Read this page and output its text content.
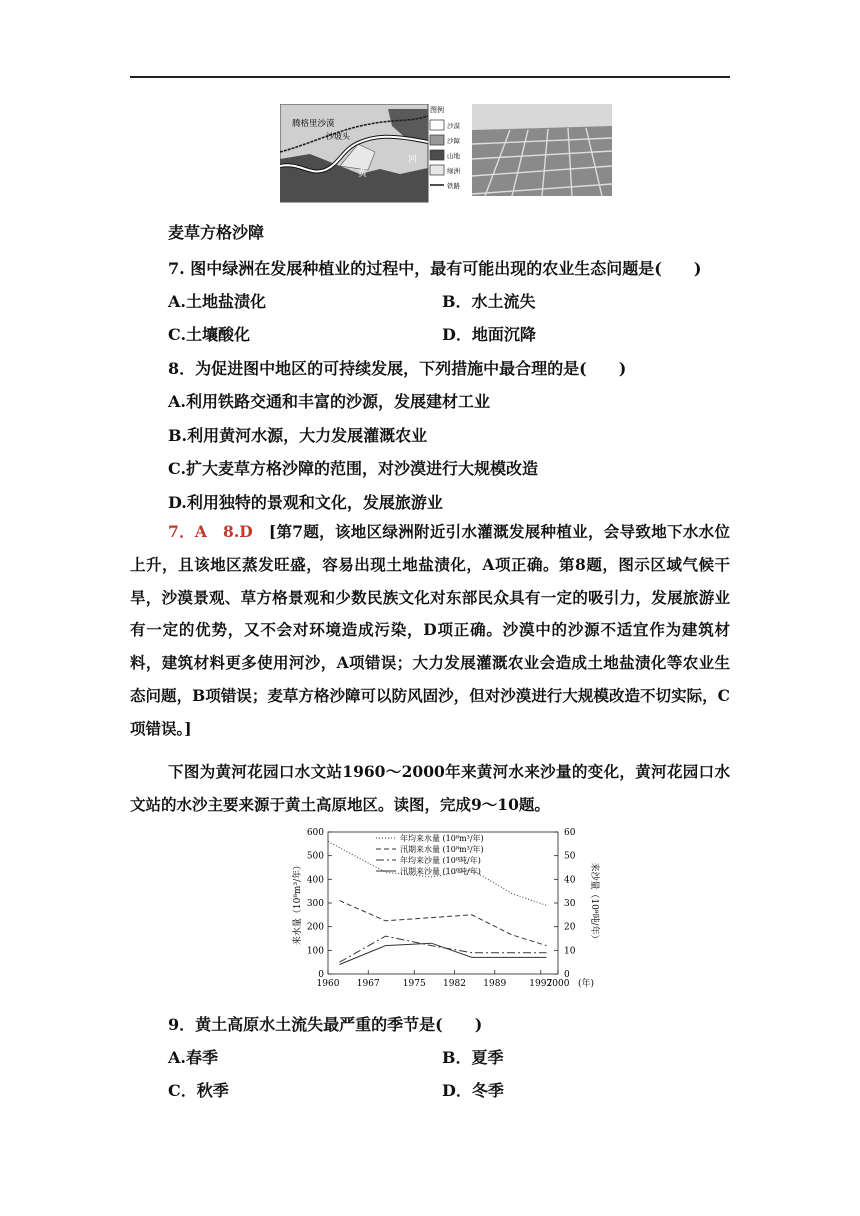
腾格里沙漠
沙坡头
河
黄
图例
沙漠
沙障
山地
绿洲
铁路
麦草方格沙障
7. 图中绿洲在发展种植业的过程中，最有可能出现的农业生态问题是(　　)
A.土地盐渍化	B．水土流失
C.土壤酸化	D．地面沉降
8．为促进图中地区的可持续发展，下列措施中最合理的是(　　)
A.利用铁路交通和丰富的沙源，发展建材工业
B.利用黄河水源，大力发展灌溉农业
C.扩大麦草方格沙障的范围，对沙漠进行大规模改造
D.利用独特的景观和文化，发展旅游业
7．A　8.D　[第7题，该地区绿洲附近引水灌溉发展种植业，会导致地下水水位上升，且该地区蒸发旺盛，容易出现土地盐渍化，A项正确。第8题，图示区域气候干旱，沙漠景观、草方格景观和少数民族文化对东部民众具有一定的吸引力，发展旅游业有一定的优势，又不会对环境造成污染，D项正确。沙漠中的沙源不适宜作为建筑材料，建筑材料更多使用河沙，A项错误；大力发展灌溉农业会造成土地盐渍化等农业生态问题，B项错误；麦草方格沙障可以防风固沙，但对沙漠进行大规模改造不切实际，C项错误。]
下图为黄河花园口水文站1960～2000年来黄河水来沙量的变化，黄河花园口水文站的水沙主要来源于黄土高原地区。读图，完成9～10题。
0
100
200
300
400
500
600
0
10
20
30
40
50
60
1960 1967	1975 1982 1989	1997
2000 (年)
来水量（10⁸m³/年）	来沙量（10⁸吨/年）
年均来水量 (10⁸m³/年)
汛期来水量 (10⁸m³/年)
年均来沙量 (10⁸吨/年)
汛期来沙量 (10⁸吨/年)
9．黄土高原水土流失最严重的季节是(　　)
A.春季	B．夏季
C．秋季	D．冬季
